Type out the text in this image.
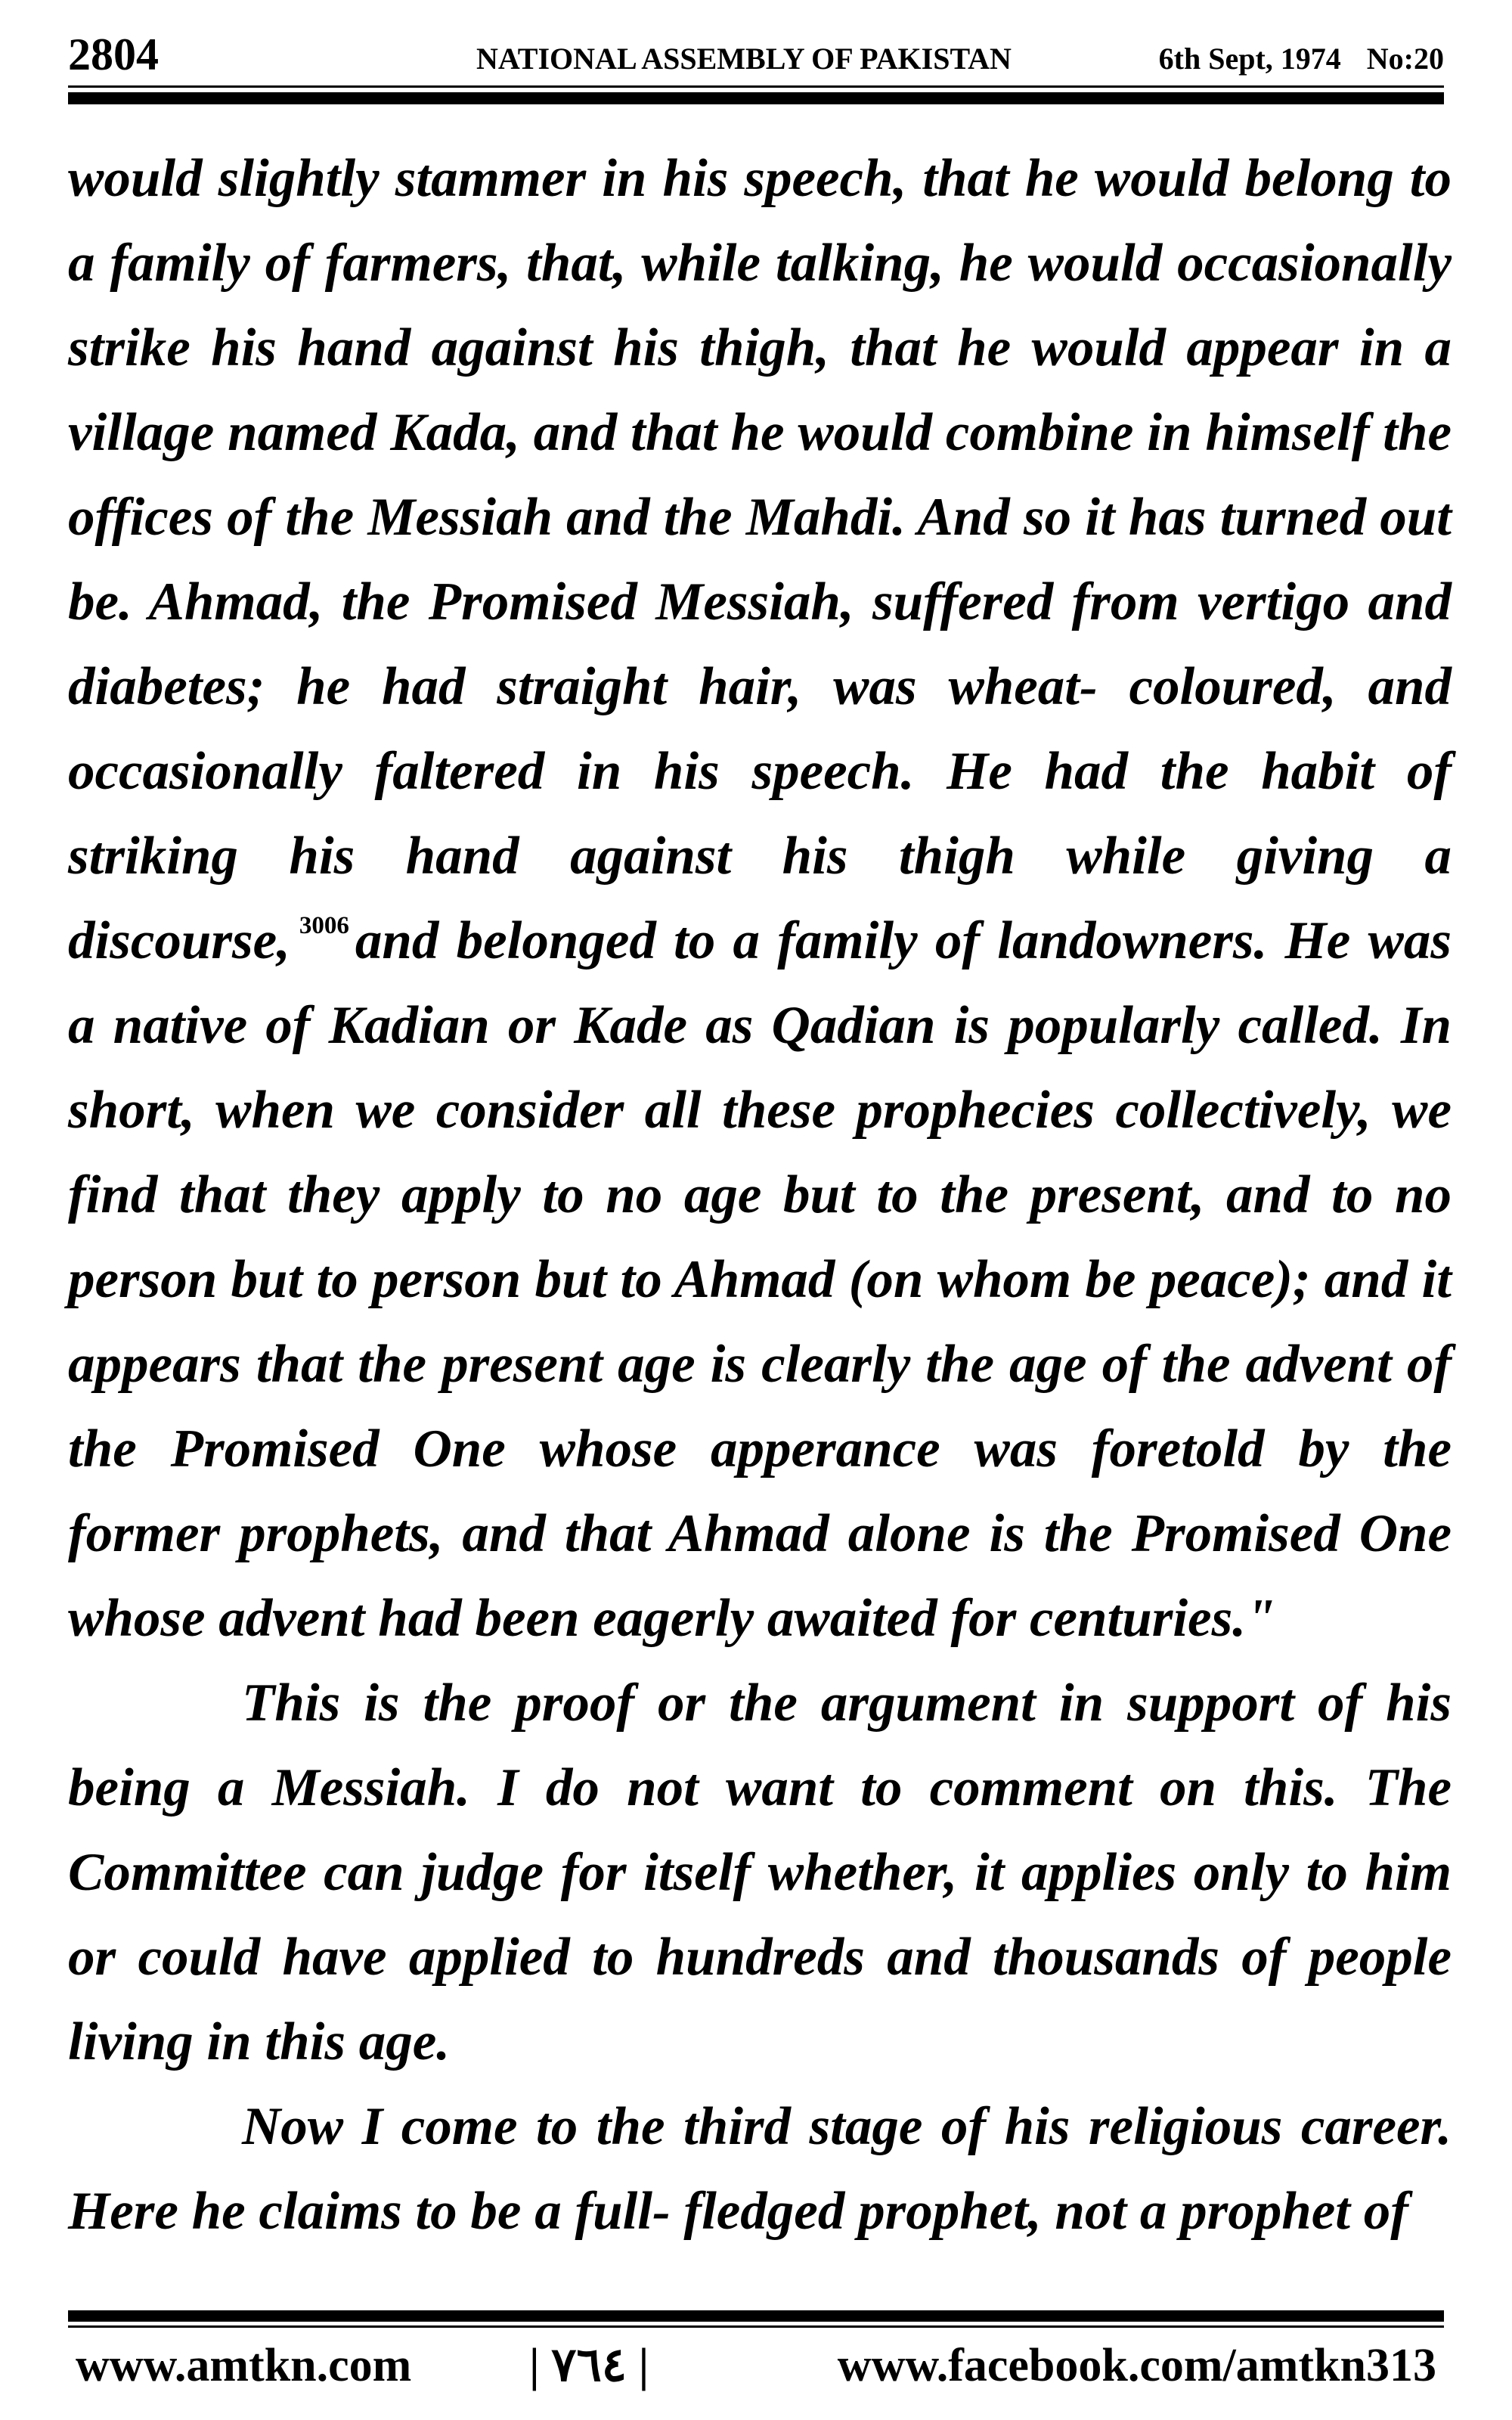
2804	NATIONAL ASSEMBLY OF PAKISTAN	6th Sept, 1974 No:20

would slightly stammer in his speech, that he would belong to a family of farmers, that, while talking, he would occasionally strike his hand against his thigh, that he would appear in a village named Kada, and that he would combine in himself the offices of the Messiah and the Mahdi. And so it has turned out be. Ahmad, the Promised Messiah, suffered from vertigo and diabetes; he had straight hair, was wheat- coloured, and occasionally faltered in his speech. He had the habit of striking his hand against his thigh while giving a discourse, $^{3006}$ and belonged to a family of landowners. He was a native of Kadian or Kade as Qadian is popularly called. In short, when we consider all these prophecies collectively, we find that they apply to no age but to the present, and to no person but to person but to Ahmad (on whom be peace); and it appears that the present age is clearly the age of the advent of the Promised One whose apperance was foretold by the former prophets, and that Ahmad alone is the Promised One whose advent had been eagerly awaited for centuries."

This is the proof or the argument in support of his being a Messiah. I do not want to comment on this. The Committee can judge for itself whether, it applies only to him or could have applied to hundreds and thousands of people living in this age.

Now I come to the third stage of his religious career. Here he claims to be a full- fledged prophet, not a prophet of

www.amtkn.com	| ۷٦٤ |	www.facebook.com/amtkn313
